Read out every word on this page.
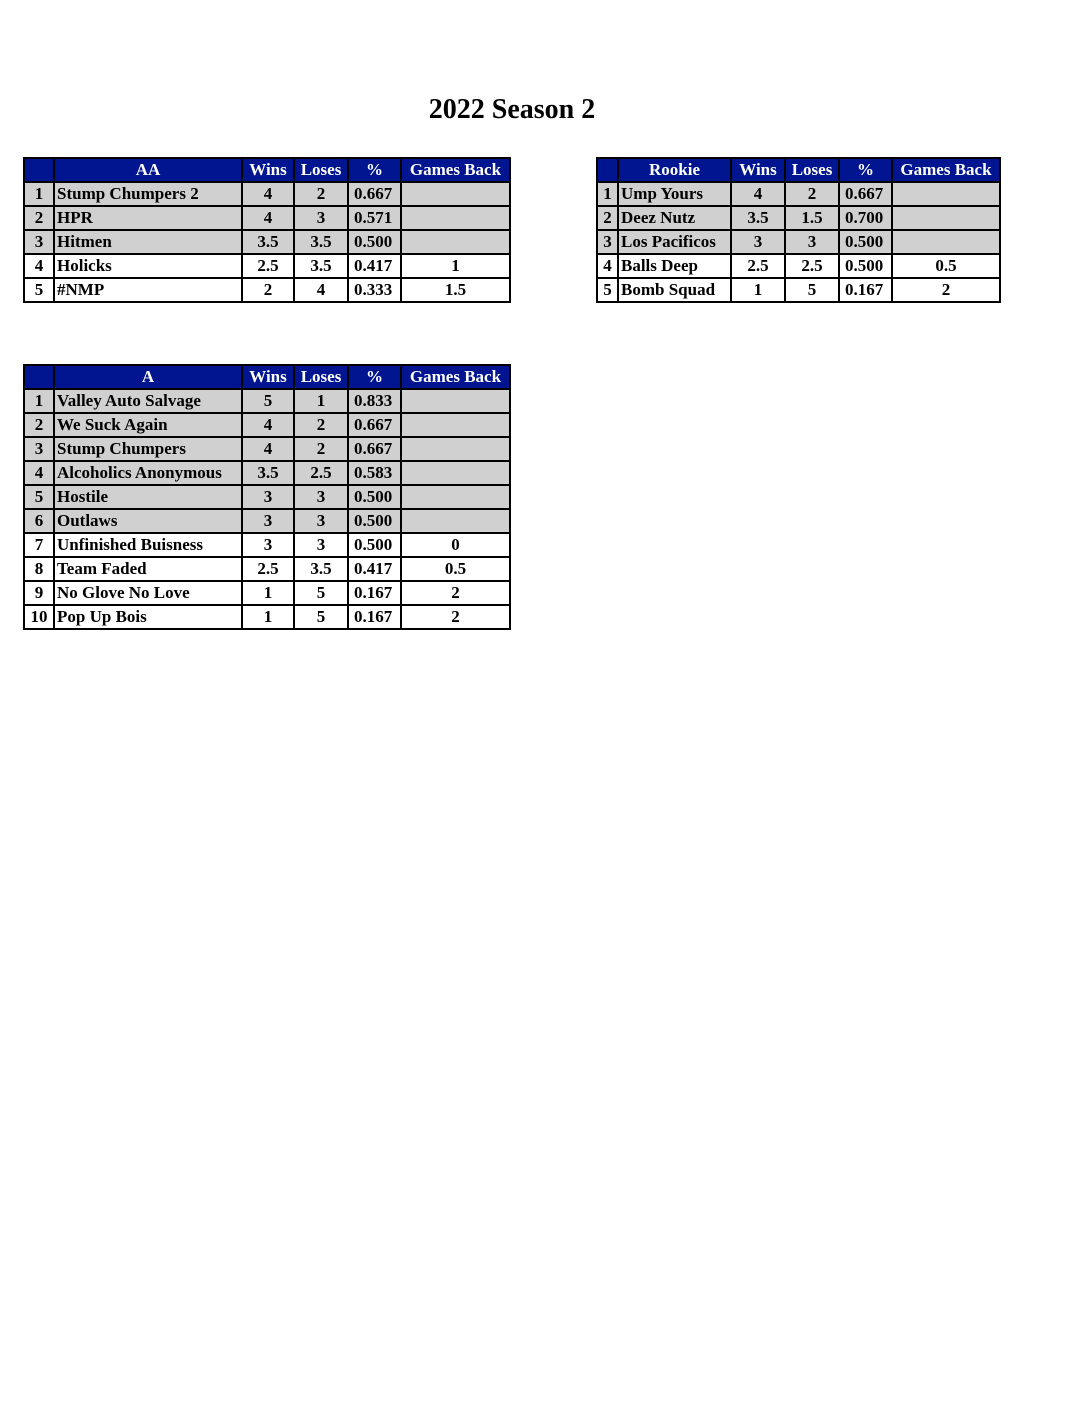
2022 Season 2
	AA	Wins	Loses	%	Games Back
1	Stump Chumpers 2	4	2	0.667	
2	HPR	4	3	0.571	
3	Hitmen	3.5	3.5	0.500	
4	Holicks	2.5	3.5	0.417	1
5	#NMP	2	4	0.333	1.5
	Rookie	Wins	Loses	%	Games Back
1	Ump Yours	4	2	0.667	
2	Deez Nutz	3.5	1.5	0.700	
3	Los Pacificos	3	3	0.500	
4	Balls Deep	2.5	2.5	0.500	0.5
5	Bomb Squad	1	5	0.167	2
	A	Wins	Loses	%	Games Back
1	Valley Auto Salvage	5	1	0.833	
2	We Suck Again	4	2	0.667	
3	Stump Chumpers	4	2	0.667	
4	Alcoholics Anonymous	3.5	2.5	0.583	
5	Hostile	3	3	0.500	
6	Outlaws	3	3	0.500	
7	Unfinished Buisness	3	3	0.500	0
8	Team Faded	2.5	3.5	0.417	0.5
9	No Glove No Love	1	5	0.167	2
10	Pop Up Bois	1	5	0.167	2
